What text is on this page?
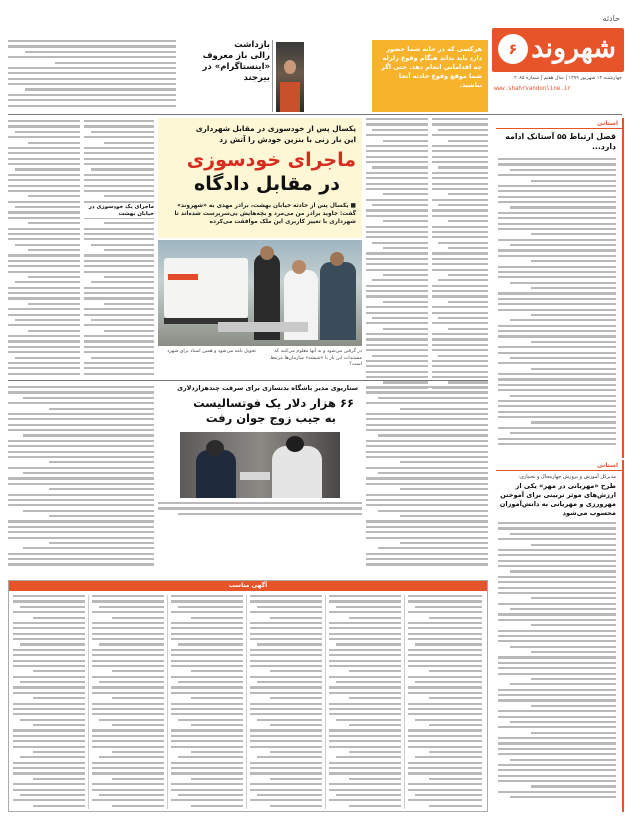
بازداشت
رالی باز معروف
«اینستاگرام» در
بیرجند
هرکسی که در خانه شما حضور دارد باید بداند هنگام وقوع زلزله چه اقداماتی انجام دهد. حتی اگر شما موقع وقوع حادثه آنجا نباشید.
حادثه
شهروند
۶
چهارشنبه ۱۲ شهریور ۱۳۹۹ | سال هفتم | شماره ۲۰۸۵
www.shahrvandonline.ir
ماجرای یک خودسوزی در خیابان بهشت
یکسال پس از خودسوزی در مقابل شهرداری
این بار زنی با بنزین خودش را آتش زد
ماجرای خودسوزی
در مقابل دادگاه
■ یکسال پس از حادثه خیابان بهشت، برادر مهدی به «شهروند» گفت: جاوید برادر من می‌مرد و بچه‌هایش بی‌سرپرست شده‌اند تا شهرداری با تغییر کاربری این ملک موافقت می‌کرده
در گرفتن می‌شود و به آنها معلوم می‌کنند که مستندات این بار با «شیشه» سازمان‌ها مرتبط است؟
تحویل نامه می‌شود و همین اسناد برای شهرد
استانی
قصل ارتباط ۵۵ آستانک ادامه دارد...
سناریوی مدیر باشگاه بدنسازی برای سرقت چندهزاردلاری
۶۶ هزار دلار یک فوتسالیست
به جیب زوج جوان رفت
استانی
مدیرکل آموزش و پرورش چهارمحال و بختیاری:
طرح «مهربانی در مهر» یکی از ارزش‌های موثر تربیتی برای آموختن مهرورزی و مهربانی به دانش‌آموزان محسوب می‌شود
آگهی مناسب
